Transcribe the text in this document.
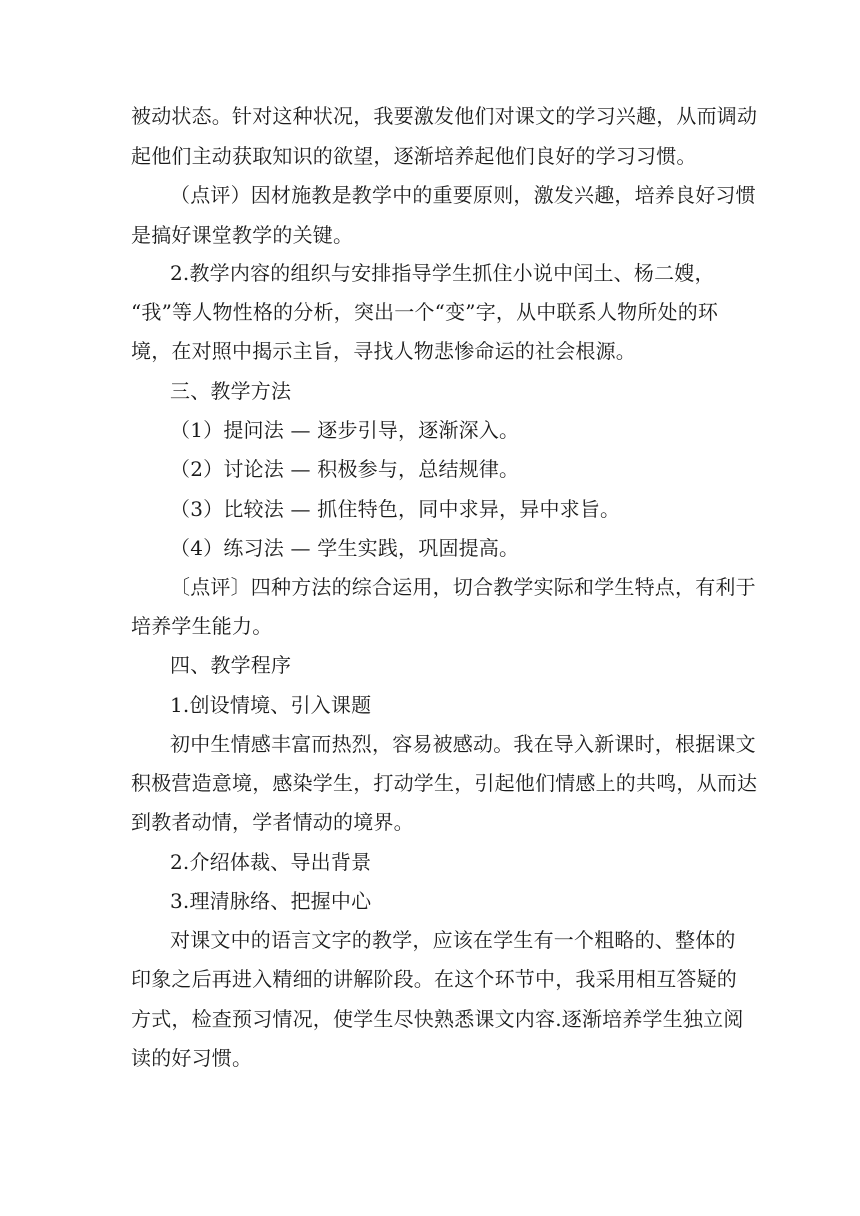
被动状态。针对这种状况，我要激发他们对课文的学习兴趣，从而调动
起他们主动获取知识的欲望，逐渐培养起他们良好的学习习惯。
（点评）因材施教是教学中的重要原则，激发兴趣，培养良好习惯
是搞好课堂教学的关键。
2.教学内容的组织与安排指导学生抓住小说中闰土、杨二嫂，
“我”等人物性格的分析，突出一个“变”字，从中联系人物所处的环
境，在对照中揭示主旨，寻找人物悲惨命运的社会根源。
三、教学方法
（1）提问法 — 逐步引导，逐渐深入。
（2）讨论法 — 积极参与，总结规律。
（3）比较法 — 抓住特色，同中求异，异中求旨。
（4）练习法 — 学生实践，巩固提高。
〔点评〕四种方法的综合运用，切合教学实际和学生特点，有利于
培养学生能力。
四、教学程序
1.创设情境、引入课题
初中生情感丰富而热烈，容易被感动。我在导入新课时，根据课文
积极营造意境，感染学生，打动学生，引起他们情感上的共鸣，从而达
到教者动情，学者情动的境界。
2.介绍体裁、导出背景
3.理清脉络、把握中心
对课文中的语言文字的教学，应该在学生有一个粗略的、整体的
印象之后再进入精细的讲解阶段。在这个环节中，我采用相互答疑的
方式，检查预习情况，使学生尽快熟悉课文内容.逐渐培养学生独立阅
读的好习惯。
